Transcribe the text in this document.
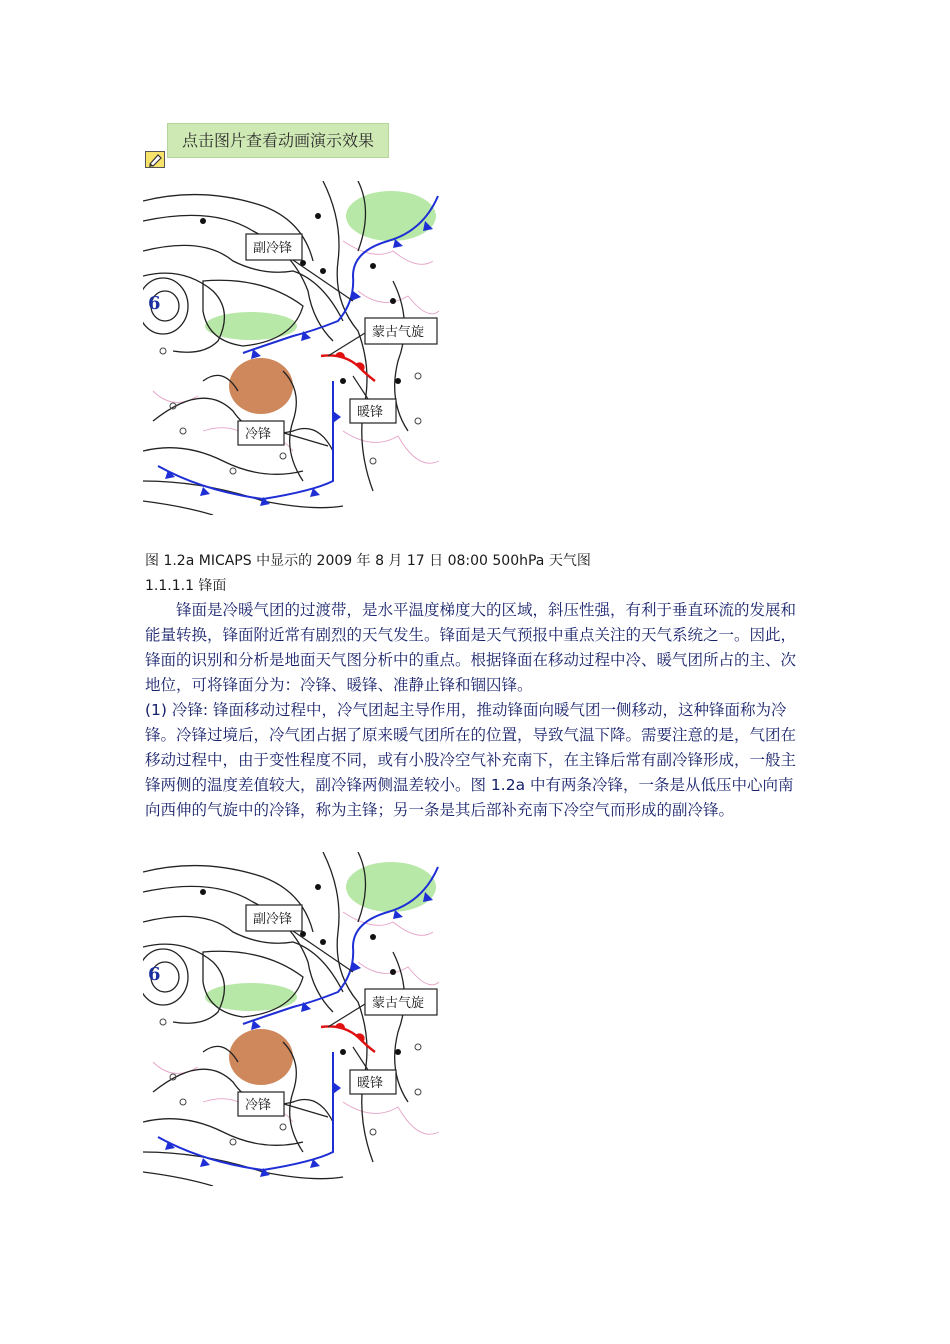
点击图片查看动画演示效果
6
副冷锋
蒙古气旋
暖锋
冷锋
图 1.2a MICAPS 中显示的 2009 年 8 月 17 日 08:00 500hPa 天气图
1.1.1.1 锋面

锋面是冷暖气团的过渡带，是水平温度梯度大的区域，斜压性强，有利于垂直环流的发展和能量转换，锋面附近常有剧烈的天气发生。锋面是天气预报中重点关注的天气系统之一。因此，锋面的识别和分析是地面天气图分析中的重点。根据锋面在移动过程中冷、暖气团所占的主、次地位，可将锋面分为：冷锋、暖锋、准静止锋和锢囚锋。

(1) 冷锋: 锋面移动过程中，冷气团起主导作用，推动锋面向暖气团一侧移动，这种锋面称为冷锋。冷锋过境后，冷气团占据了原来暖气团所在的位置，导致气温下降。需要注意的是，气团在移动过程中，由于变性程度不同，或有小股冷空气补充南下，在主锋后常有副冷锋形成，一般主锋两侧的温度差值较大，副冷锋两侧温差较小。图 1.2a 中有两条冷锋，一条是从低压中心向南向西伸的气旋中的冷锋，称为主锋；另一条是其后部补充南下冷空气而形成的副冷锋。

6
副冷锋
蒙古气旋
暖锋
冷锋
